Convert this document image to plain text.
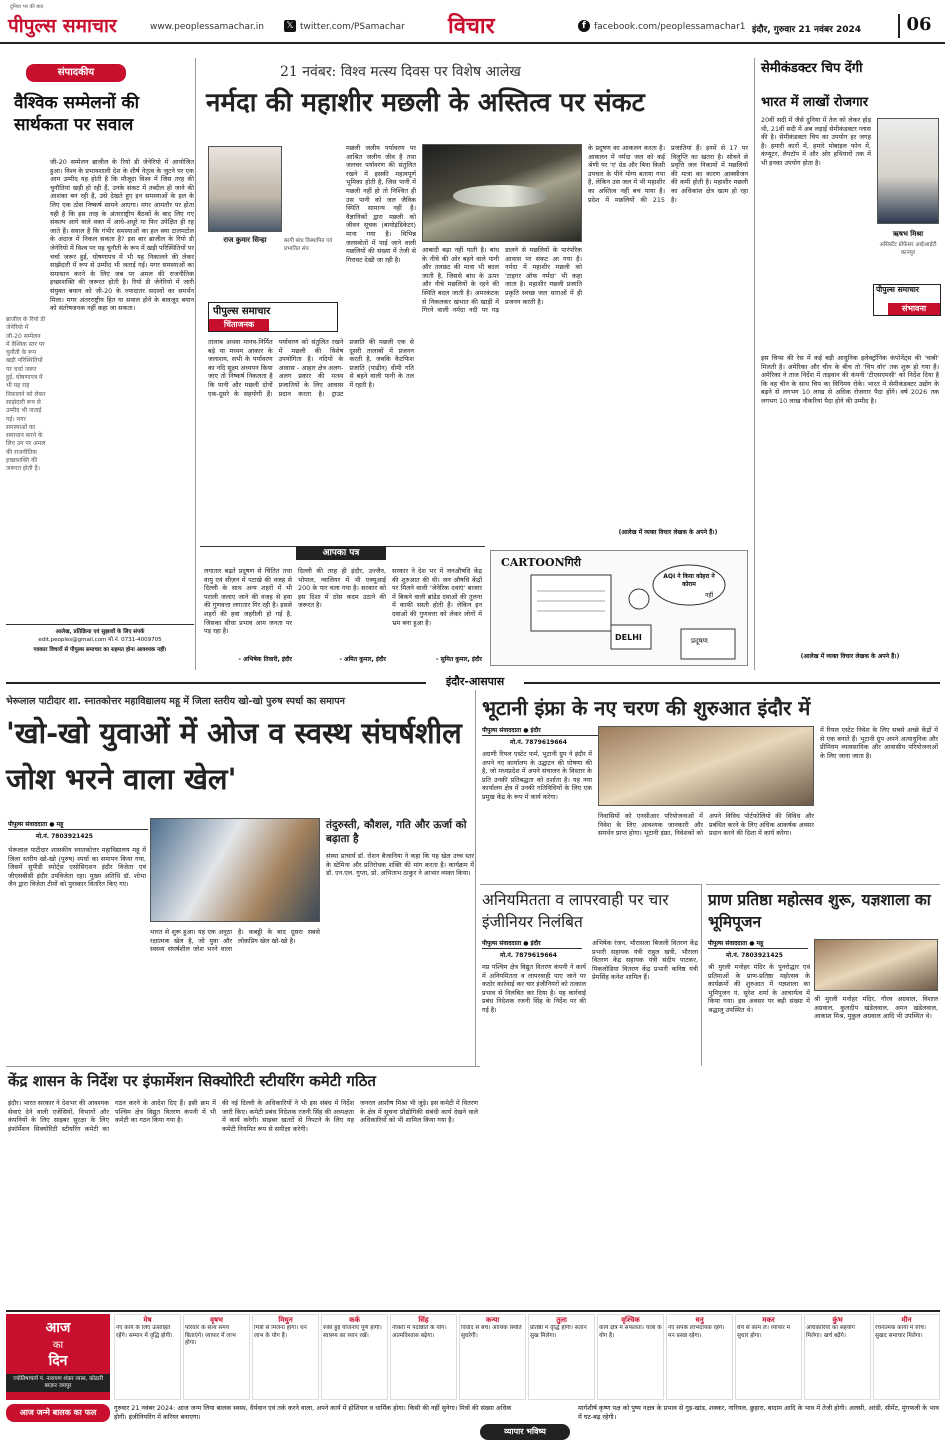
पीपुल्स समाचार
दुनिया भर की बात
www.peoplessamachar.in 𝕏 twitter.com/PSamachar विचार	f facebook.com/peoplessamachar1 इंदौर, गुरुवार 21 नवंबर 2024	06
संपादकीय
वैश्विक सम्मेलनों की सार्थकता पर सवाल
जी-20 सम्मेलन ब्राजील के रियो डी जेनेरियो में आयोजित हुआ। विश्व के प्रभावशाली देश के शीर्ष नेतृत्व के जुटने पर एक आम उम्मीद यह होती है कि मौजूदा विश्व में जिस तरह की चुनौतियां खड़ी हो रही हैं, उनके संकट में तब्दील हो जाने की आशंका बन रही है, उसे देखते हुए इन समस्याओं के हल के लिए एक ठोस निष्कर्ष सामने आएगा। मगर आमतौर पर होता यही है कि इस तरह के अंतरराष्ट्रीय बैठकों के बाद लिए गए संकल्प आगे वाले वक्त में आधे-अधूरे या फिर उपेक्षित ही रह जाते हैं। सवाल है कि गंभीर समस्याओं का हल क्या टालमटोल के अंदाज में निकल सकता है? इस बार ब्राजील के रियो डी जेनेरियो में विश्व पर यह चुनौती के रूप में खड़ी परिस्थितियों पर चर्चा जरूर हुई, घोषणापत्र में भी यह निकालने की लेकर साझेदारी में रूप से उम्मीद भी जताई गई। मगर समस्याओं का समाधान करने के लिए जब पर अमल की राजनीतिक इच्छाशक्ति की जरूरत होती है। रियो डी जेनेरियो में जारी संयुक्त बयान को जी-20 के ज्यादातर सदस्यों का समर्थन मिला। मगर अंतरराष्ट्रीय हित या सवाल होने के बावजूद बयान को संतोषजनक नहीं कहा जा सकता।
ब्राजील के रियो डी जेनेरियो में जी-20 सम्मेलन में वैश्विक स्तर पर चुनौती के रूप खड़ी परिस्थितियों पर चर्चा जरूर हुई, घोषणापत्र में भी यह राह निकालने को लेकर साझेदारी रूप से उम्मीद भी जताई गई। मगर समस्याओं का समाधान करने के लिए उन पर अमल की राजनीतिक इच्छाशक्ति की जरूरत होती है।
आलेख, प्रतिक्रिया एवं सुझावों के लिए संपर्क
edit.peoples@gmail.com मो.नं. 0731-4009705
पत्रकार विचारों से पीपुल्स समाचार का सहमत होना आवश्यक नहीं।
21 नवंबर: विश्व मत्स्य दिवस पर विशेष आलेख
नर्मदा की महाशीर मछली के अस्तित्व पर संकट
राज कुमार सिन्हा	बरगी बांध विस्थापित एवं प्रभावित संघ
मछली जलीय पर्यावरण पर आश्रित जलीय जीव है तथा जलचर पर्यावरण की संतुलित रखने में इसकी महत्वपूर्ण भूमिका होती है, जिस पानी में मछली नहीं हो तो निश्चित ही उस पानी को जल जैविक स्थिति सामान्य नहीं है। वैज्ञानिकों द्वारा मछली को जीवन सूचक (बायोइंडिकेटर) माना गया है। विभिन्न जलस्त्रोतों में पाई जाने वाली मछलियों की संख्या में तेजी से गिरावट देखी जा रही है।
पीपुल्स समाचार
चिंताजनक
तालाब अथवा मानव-निर्मित बड़े या मध्यम आकार के जलाशय, सभी के पर्यावरण का नदि सूक्ष्म अध्ययन किया जाए तो निष्कर्ष निकलता है कि पानी और मछली दोनों एक-दूसरे के सहयोगी हैं। पर्यावरण को संतुलित रखने में मछली की विशेष उपयोगिता है। नदियों के आवास - आहार क्षेत्र अलग-अलग प्रकार की मत्स्य प्रजातियों के लिए आवास प्रदान करता है। ट्राउट प्रजाति की मछली एक से दूसरी तालाबों में प्रजनन करती है, जबकि कैटफिश प्रजाति (पाढीन) धीमी गति से बहने वाली पानी के तल में रहती है।
आबादी बढ़ा नहीं पाती है। बांध के नीचे की ओर बहने वाले पानी और तलछट की मात्रा भी बदल जाती है, जिससे बांध के ऊपर और नीचे मछलियों के रहने की स्थिति बदल जाती है। अमरकंटक से निकलकर खंभात की खाड़ी में गिरने वाली नर्मदा नदी पर गढ़ डालने से मछलियों के पारंपरिक आवास पर संकट आ गया है। नर्मदा में महाशीर मछली को 'टाइगर ऑफ नर्मदा' भी कहा जाता है। महाशीर मछली प्रजाति प्रकृति स्वच्छ जल धाराओं में ही प्रजनन करती है।
के प्रदूषण का आकलन करता है। आकलन में नर्मदा जल को कई श्रेणी पर 'ए' ग्रेड और बिना किसी उपचार के पीने योग्य बताया गया है, लेकिन उस जल में भी महाशीर का अस्तित्व नहीं बच पाया है। प्रदेश में मछलियों की 215 प्रजातियां हैं। इनमें से 17 पर विलुप्ति का खतरा है। सोचने से प्रवृत्ति जल निकायों में मछलियों की मात्रा का कारण आक्सीजन की कमी होती है। महाशीर मछली का अधिकांश क्षेत्र खत्म हो रहा है।
(आलेख में व्यक्त विचार लेखक के अपने हैं।)
आपका पत्र
लगातार बढ़ते प्रदूषण से चिंतित तथा वायु एवं सीज़न में पटाखे की वजह से दिल्ली के साथ अन्य शहरों में भी पराली जलाए जाने की वजह से हवा की गुणवत्ता लगातार गिर रही है। इससे शहरों की हवा जहरीली हो गई है, जिसका सीधा प्रभाव आम जनता पर पड़ रहा है।
- अभिषेक तिवारी, इंदौर
दिल्ली की तरह ही इंदौर, उज्जैन, भोपाल, ग्वालियर में भी एक्यूआई 200 के पार चला गया है। सरकार को इस दिशा में ठोस कदम उठाने की जरूरत है।
- अमित कुमार, इंदौर
सरकार ने देश भर में जनऔषधि केंद्र की शुरुआत की थी। जन औषधि केंद्रों पर मिलने वाली 'जेनेरिक दवाएं' बाजार में बिकने वाली ब्रांडेड दवाओं की तुलना में काफी सस्ती होती हैं। लेकिन इन दवाओं की गुणवत्ता को लेकर लोगों में भ्रम बना हुआ है।
- सुमित कुमार, इंदौर
CARTOONगिरी
AQI ने किया कोहरा ने कोराम
नहीं
DELHI	प्रदूषण
सेमीकंडक्टर चिप देंगी
भारत में लाखों रोजगार
20वीं सदी में जैसे दुनिया में तेल को लेकर होड़ थी, 21वीं सदी में अब लड़ाई सेमीकंडक्टर ग्लास की है। सेमीकंडक्टर चिप का उपयोग हर जगह है। हमारी कारों में, हमारे मोबाइल फोन में, कंप्यूटर, लैपटॉप में और ओर हथियारों तक में भी इनका उपयोग होता है।
ऋषभ मिश्रा
असिस्टेंट प्रोफेसर आईआईटी कानपुर
पीपुल्स समाचार
संभावना
इस चिप्स की रेस में कई बड़ी आधुनिक इलेक्ट्रॉनिक कंपोनेंट्स की 'चाबी' मिलती है। अमेरिका और चीन के बीच तो 'चिप वॉर' तक शुरू हो गया है। अमेरिका ने ताज निर्देश में ताइवान की कंपनी 'टीएसएमसी' को निर्देश दिया है कि वह चीन के साथ चिप का विनिमय रोके। भारत में सेमीकंडक्टर उद्योग के बढ़ने से लगभग 10 लाख से अधिक रोजगार पैदा होंगे। वर्ष 2026 तक लगभग 10 लाख नौकरियां पैदा होने की उम्मीद है।
(आलेख में व्यक्त विचार लेखक के अपने हैं।)
इंदौर-आसपास
भेरूलाल पाटीदार शा. स्नातकोत्तर महाविद्यालय महू में जिला स्तरीय खो-खो पुरुष स्पर्धा का समापन
'खो-खो युवाओं में ओज व स्वस्थ संघर्षशील जोश भरने वाला खेल'
पीपुल्स संवाददाता ● महू
मो.नं. 7803921425
तंदुरुस्ती, कौशल, गति और ऊर्जा को बढ़ाता है
भेरूलाल पाटीदार शासकीय स्नातकोत्तर महाविद्यालय महू में जिला स्तरीय खो-खो (पुरुष) स्पर्धा का समापन किया गया, जिसमें सुपीडी स्पोर्ट्स एसोसिएशन इंदौर विजेता एवं जीएसबीसी इंदौर उपविजेता रहा। मुख्य अतिथि डॉ. शोभा जैन द्वारा विजेता टीमों को पुरस्कार वितरित किए गए।
भारत से शुरू हुआ। यह एक अनूठा रक्षात्मक खेल है, जो युवा और स्वस्थ्य संघर्षशील जोश भरने वाला है। कबड्डी के बाद दूसरा सबसे लोकप्रिय खेल खो-खो है।
संस्था प्राचार्य डॉ. रोशन बैजानिया ने कहा कि यह खेल उच्च स्तर के स्टेमिना और प्रतिरोधक शक्ति की मांग करता है। कार्यक्रम में डॉ. एन.एल. गुप्ता, प्रो. अभिताभ ठाकुर ने आभार व्यक्त किया।
भूटानी इंफ्रा के नए चरण की शुरुआत इंदौर में
पीपुल्स संवाददाता ● इंदौर
मो.नं. 7879619664
अग्रणी रियल एस्टेट फर्म, भूटानी ग्रुप ने इंदौर में अपने नए कार्यालय के उद्घाटन की घोषणा की है, जो मध्यप्रदेश में अपने संचालन के विस्तार के प्रति उनकी प्रतिबद्धता को दर्शाता है। यह नया कार्यालय क्षेत्र में उनकी गतिविधियों के लिए एक प्रमुख केंद्र के रूप में कार्य करेगा।
निवासियों को एनसीआर परियोजनाओं में निवेश के लिए आवश्यक जानकारी और समर्थन प्राप्त होगा। भूटानी इंफ्रा, निवेशकों को अपने विविध पोर्टफोलियो की विविध और प्रबंधित करने के लिए अधिक आकर्षक अवसर प्रदान करने की दिशा में कार्य करेगा।
में रियल एस्टेट निवेश के लिए सबसे अच्छे केंद्रों में से एक बनाते हैं। भूटानी ग्रुप अपने अत्याधुनिक और प्रीमियम व्यावसायिक और आवासीय परियोजनाओं के लिए जाना जाता है।
अनियमितता व लापरवाही पर चार इंजीनियर निलंबित
पीपुल्स संवाददाता ● इंदौर
मो.नं. 7879619664
मप्र पश्चिम क्षेत्र विद्युत वितरण कंपनी ने कार्य में अनियमितता व लापरवाही पाए जाने पर कठोर कार्रवाई कर चार इंजीनियरों को तत्काल प्रभाव से निलंबित कर दिया है। यह कार्रवाई प्रबंध निदेशक रजनी सिंह के निर्देश पर की गई है।
अभिषेक रंजन, भौरासला बिजली वितरण केंद्र प्रभारी सहायक यंत्री राहुल खत्री, भौराला वितरण केंद्र सहायक यंत्री संदीप पाटकर, पिकलोडिया वितरण केंद्र प्रभारी कनिष्ठ यंत्री प्रेमसिंह कनेश शामिल हैं।
प्राण प्रतिष्ठा महोत्सव शुरू, यज्ञशाला का भूमिपूजन
पीपुल्स संवाददाता ● महू
मो.नं. 7803921425
श्री मुरली मनोहर मंदिर के पुनरोद्धार एवं प्रतिमाओं के प्राण-प्रतिष्ठा महोत्सव के कार्यक्रमों की शुरुआत में यज्ञशाला का भूमिपूजन पं. सुरेश शर्मा के आचार्यत्व में किया गया। इस अवसर पर बड़ी संख्या में श्रद्धालु उपस्थित थे।
श्री मुरली मनोहर मंदिर, गौरव अग्रवाल, विशाल अग्रवाल, कुलदीप खंडेलवाल, अमन खंडेलवाल, आकाश मिश्र, मुकुल अग्रवाल आदि भी उपस्थित थे।
केंद्र शासन के निर्देश पर इंफार्मेशन सिक्योरिटी स्टीयरिंग कमेटी गठित
इंदौर। भारत सरकार ने देशभर की आवश्यक सेवाएं देने वाली एजेंसियों, विभागों और कंपनियों के लिए साइबर सुरक्षा के लिए इंफॉर्मेशन सिक्योरिटी स्टीयरिंग कमेटी का गठन करने के आदेश दिए हैं। इसी क्रम में पश्चिम क्षेत्र विद्युत वितरण कंपनी में भी कमेटी का गठन किया गया है।
की नई दिल्ली के अधिकारियों ने भी इस संबंध में निर्देश जारी किए। कमेटी प्रबंध निदेशक रजनी सिंह की अध्यक्षता में कार्य करेगी। साइबर खतरों से निपटने के लिए यह कमेटी नियमित रूप से समीक्षा करेगी।
जनरल आशीष मिश्रा भी जुड़े। इस कमेटी में वितरण के क्षेत्र में सूचना प्रौद्योगिकी संबंधी कार्य देखने वाले अधिकारियों को भी शामिल किया गया है।
आज
का
दिन
ज्योतिषाचार्य पं. नारायण शंकर व्यास, कोठारी बाज़ार जयपुर
मेष
नए कार्य के लिए उत्साहित रहेंगे। सम्मान में वृद्धि होगी।
वृषभ
परिवार के साथ समय बिताएंगे। व्यापार में लाभ होगा।
मिथुन
मित्रों से मिलना होगा। धन लाभ के योग हैं।
कर्क
रुकी हुई योजनाएं पूर्ण होंगी। स्वास्थ्य का ध्यान रखें।
सिंह
नौकरी में पदोन्नति के योग। आत्मविश्वास बढ़ेगा।
कन्या
विवाद से बचें। आर्थिक स्थिति सुधरेगी।
तुला
प्रतिष्ठा में वृद्धि होगी। संतान सुख मिलेगा।
वृश्चिक
कार्य क्षेत्र में सफलता। यात्रा के योग हैं।
धनु
नए संपर्क लाभदायक रहेंगे। मन प्रसन्न रहेगा।
मकर
धैर्य से काम लें। व्यापार में सुधार होगा।
कुंभ
अधिकारियों का सहयोग मिलेगा। खर्च बढ़ेंगे।
मीन
रचनात्मक कार्यों में रुचि। सुखद समाचार मिलेगा।
आज जन्मे बालक का फल	गुरुवार 21 नवंबर 2024: आज जन्म लिया बालक स्वस्थ, धैर्यवान एवं तर्क करने वाला, अपने कार्य में होशियार व धार्मिक होगा। किसी की नहीं सुनेगा। मित्रों की संख्या अधिक होगी। इंजीनियरिंग में करियर बनाएगा।
व्यापार भविष्य
मार्गशीर्ष कृष्ण पक्ष को पुष्य नक्षत्र के प्रभाव से गुड़-खांड, शक्कर, नारियल, छुहारा, बादाम आदि के भाव में तेजी होगी। अलसी, अरंडी, सीमेंट, मुंगफली के भाव में घट-बढ़ रहेगी।
